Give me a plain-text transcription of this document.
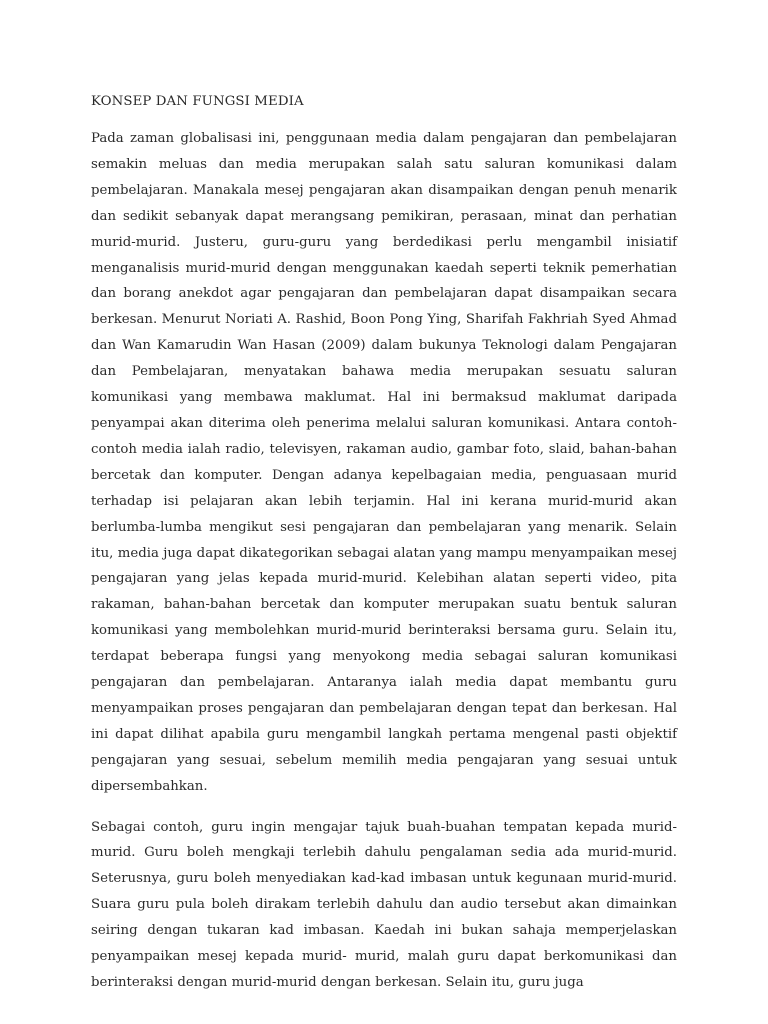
KONSEP DAN FUNGSI MEDIA

Pada zaman globalisasi ini, penggunaan media dalam pengajaran dan pembelajaran semakin meluas dan media merupakan salah satu saluran komunikasi dalam pembelajaran. Manakala mesej pengajaran akan disampaikan dengan penuh menarik dan sedikit sebanyak dapat merangsang pemikiran, perasaan, minat dan perhatian murid-murid. Justeru, guru-guru yang berdedikasi perlu mengambil inisiatif menganalisis murid-murid dengan menggunakan kaedah seperti teknik pemerhatian dan borang anekdot agar pengajaran dan pembelajaran dapat disampaikan secara berkesan. Menurut Noriati A. Rashid, Boon Pong Ying, Sharifah Fakhriah Syed Ahmad dan Wan Kamarudin Wan Hasan (2009) dalam bukunya Teknologi dalam Pengajaran dan Pembelajaran, menyatakan bahawa media merupakan sesuatu saluran komunikasi yang membawa maklumat. Hal ini bermaksud maklumat daripada penyampai akan diterima oleh penerima melalui saluran komunikasi. Antara contoh-contoh media ialah radio, televisyen, rakaman audio, gambar foto, slaid, bahan-bahan bercetak dan komputer. Dengan adanya kepelbagaian media, penguasaan murid terhadap isi pelajaran akan lebih terjamin. Hal ini kerana murid-murid akan berlumba-lumba mengikut sesi pengajaran dan pembelajaran yang menarik. Selain itu, media juga dapat dikategorikan sebagai alatan yang mampu menyampaikan mesej pengajaran yang jelas kepada murid-murid. Kelebihan alatan seperti video, pita rakaman, bahan-bahan bercetak dan komputer merupakan suatu bentuk saluran komunikasi yang membolehkan murid-murid berinteraksi bersama guru. Selain itu, terdapat beberapa fungsi yang menyokong media sebagai saluran komunikasi pengajaran dan pembelajaran. Antaranya ialah media dapat membantu guru menyampaikan proses pengajaran dan pembelajaran dengan tepat dan berkesan. Hal ini dapat dilihat apabila guru mengambil langkah pertama mengenal pasti objektif pengajaran yang sesuai, sebelum memilih media pengajaran yang sesuai untuk dipersembahkan.

Sebagai contoh, guru ingin mengajar tajuk buah-buahan tempatan kepada murid-murid. Guru boleh mengkaji terlebih dahulu pengalaman sedia ada murid-murid. Seterusnya, guru boleh menyediakan kad-kad imbasan untuk kegunaan murid-murid. Suara guru pula boleh dirakam terlebih dahulu dan audio tersebut akan dimainkan seiring dengan tukaran kad imbasan. Kaedah ini bukan sahaja memperjelaskan penyampaikan mesej kepada murid- murid, malah guru dapat berkomunikasi dan berinteraksi dengan murid-murid dengan berkesan. Selain itu, guru juga
